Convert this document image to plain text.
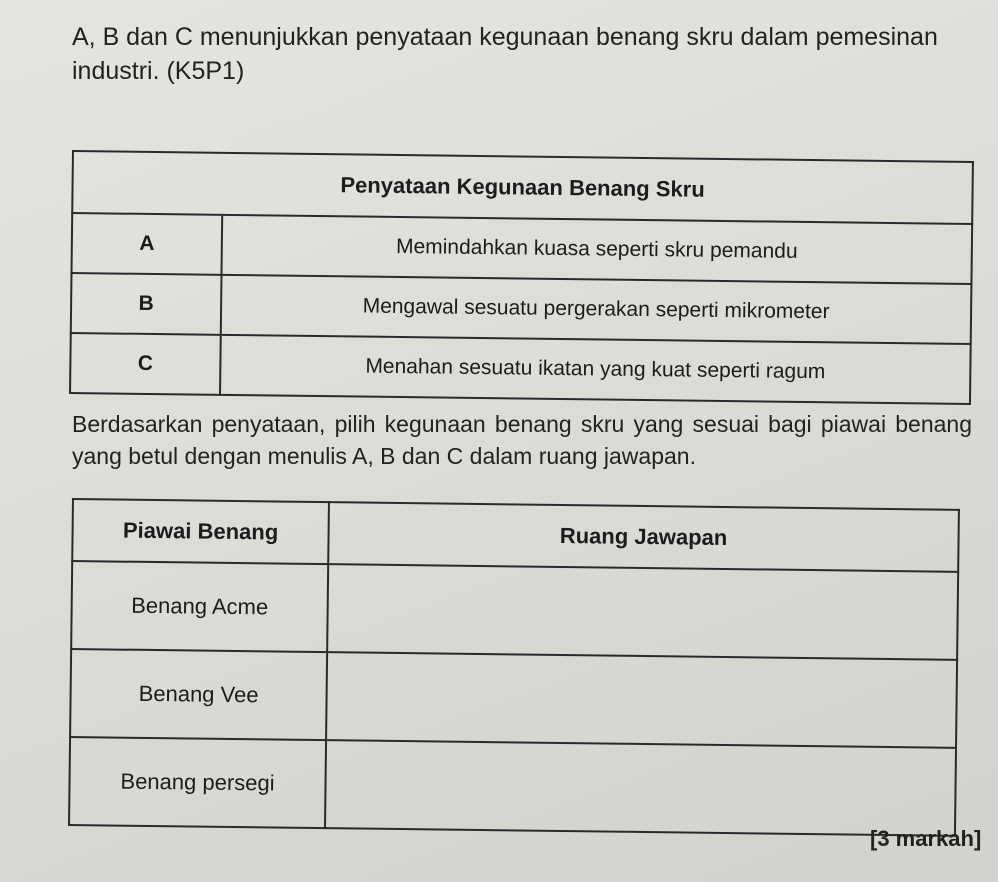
A, B dan C menunjukkan penyataan kegunaan benang skru dalam pemesinan industri. (K5P1)
Penyataan Kegunaan Benang Skru	
A	Memindahkan kuasa seperti skru pemandu
B	Mengawal sesuatu pergerakan seperti mikrometer
C	Menahan sesuatu ikatan yang kuat seperti ragum
Berdasarkan penyataan, pilih kegunaan benang skru yang sesuai bagi piawai benang yang betul dengan menulis A, B dan C dalam ruang jawapan.
Piawai Benang	Ruang Jawapan
Benang Acme	
Benang Vee	
Benang persegi	
[3 markah]
